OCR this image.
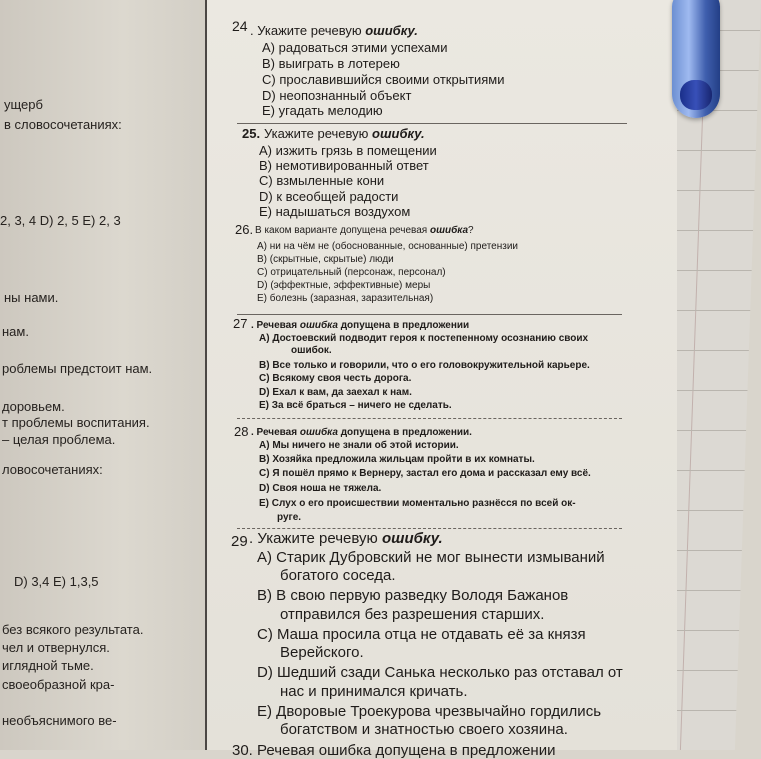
ущерб
в словосочетаниях:
2, 3, 4 D) 2, 5 E) 2, 3
ны нами.
нам.
роблемы предстоит нам.
доровьем.
т проблемы воспитания.
– целая проблема.
ловосочетаниях:
D) 3,4 E) 1,3,5
без всякого результата.
чел и отвернулся.
иглядной тьме.
своеобразной кра-
необъяснимого ве-
24 . Укажите речевую ошибку.
A) радоваться этими успехами
B) выиграть в лотерею
C) прославившийся своими открытиями
D) неопознанный объект
E) угадать мелодию
25. Укажите речевую ошибку.
A) изжить грязь в помещении
B) немотивированный ответ
C) взмыленные кони
D) к всеобщей радости
E) надышаться воздухом
26. В каком варианте допущена речевая ошибка?
A) ни на чём не (обоснованные, основанные) претензии
B) (скрытные, скрытые) люди
C) отрицательный (персонаж, персонал)
D) (эффектные, эффективные) меры
E) болезнь (заразная, заразительная)
27 . Речевая ошибка допущена в предложении
A) Достоевский подводит героя к постепенному осознанию своих
ошибок.
B) Все только и говорили, что о его головокружительной карьере.
C) Всякому своя честь дорога.
D) Ехал к вам, да заехал к нам.
E) За всё браться – ничего не сделать.
28 . Речевая ошибка допущена в предложении.
A) Мы ничего не знали об этой истории.
B) Хозяйка предложила жильцам пройти в их комнаты.
C) Я пошёл прямо к Вернеру, застал его дома и рассказал ему всё.
D) Своя ноша не тяжела.
E) Слух о его происшествии моментально разнёсся по всей ок-
руге.
29 . Укажите речевую ошибку.
A) Старик Дубровский не мог вынести измываний
богатого соседа.
B) В свою первую разведку Володя Бажанов
отправился без разрешения старших.
C) Маша просила отца не отдавать её за князя
Верейского.
D) Шедший сзади Санька несколько раз отставал от
нас и принимался кричать.
E) Дворовые Троекурова чрезвычайно гордились
богатством и знатностью своего хозяина.
30. Речевая ошибка допущена в предложении
